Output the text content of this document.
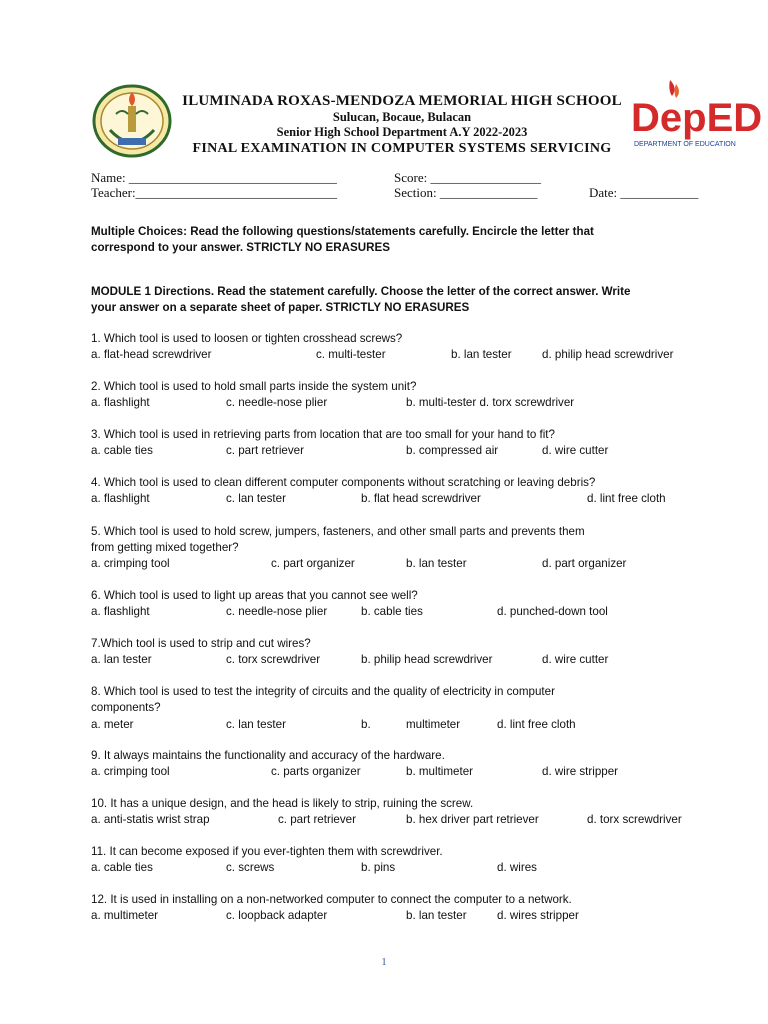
ILUMINADA ROXAS-MENDOZA MEMORIAL HIGH SCHOOL
Sulucan, Bocaue, Bulacan
Senior High School Department A.Y 2022-2023
FINAL EXAMINATION IN COMPUTER SYSTEMS SERVICING
DepED
DEPARTMENT OF EDUCATION
Name: ________________________________	Score: _________________
Teacher:_______________________________	Section: _______________	Date: ____________
Multiple Choices: Read the following questions/statements carefully. Encircle the letter that
correspond to your answer. STRICTLY NO ERASURES
MODULE 1 Directions. Read the statement carefully. Choose the letter of the correct answer. Write
your answer on a separate sheet of paper. STRICTLY NO ERASURES
1. Which tool is used to loosen or tighten crosshead screws?
a. flat-head screwdriver	c. multi-tester	b. lan tester	d. philip head screwdriver
2. Which tool is used to hold small parts inside the system unit?
a. flashlight	c. needle-nose plier	b. multi-tester d. torx screwdriver
3. Which tool is used in retrieving parts from location that are too small for your hand to fit?
a. cable ties	c. part retriever	b. compressed air	d. wire cutter
4. Which tool is used to clean different computer components without scratching or leaving debris?
a. flashlight	c. lan tester	b. flat head screwdriver	d. lint free cloth
5. Which tool is used to hold screw, jumpers, fasteners, and other small parts and prevents them
from getting mixed together?
a. crimping tool	c. part organizer	b. lan tester	d. part organizer
6. Which tool is used to light up areas that you cannot see well?
a. flashlight	c. needle-nose plier	b. cable ties	d. punched-down tool
7.Which tool is used to strip and cut wires?
a. lan tester	c. torx screwdriver	b. philip head screwdriver	d. wire cutter
8. Which tool is used to test the integrity of circuits and the quality of electricity in computer
components?
a. meter	c. lan tester	b.	multimeter	d. lint free cloth
9. It always maintains the functionality and accuracy of the hardware.
a. crimping tool	c. parts organizer	b. multimeter	d. wire stripper
10. It has a unique design, and the head is likely to strip, ruining the screw.
a. anti-statis wrist strap	c. part retriever	b. hex driver part retriever	d. torx screwdriver
11. It can become exposed if you ever-tighten them with screwdriver.
a. cable ties	c. screws	b. pins	d. wires
12. It is used in installing on a non-networked computer to connect the computer to a network.
a. multimeter	c. loopback adapter	b. lan tester	d. wires stripper
1
